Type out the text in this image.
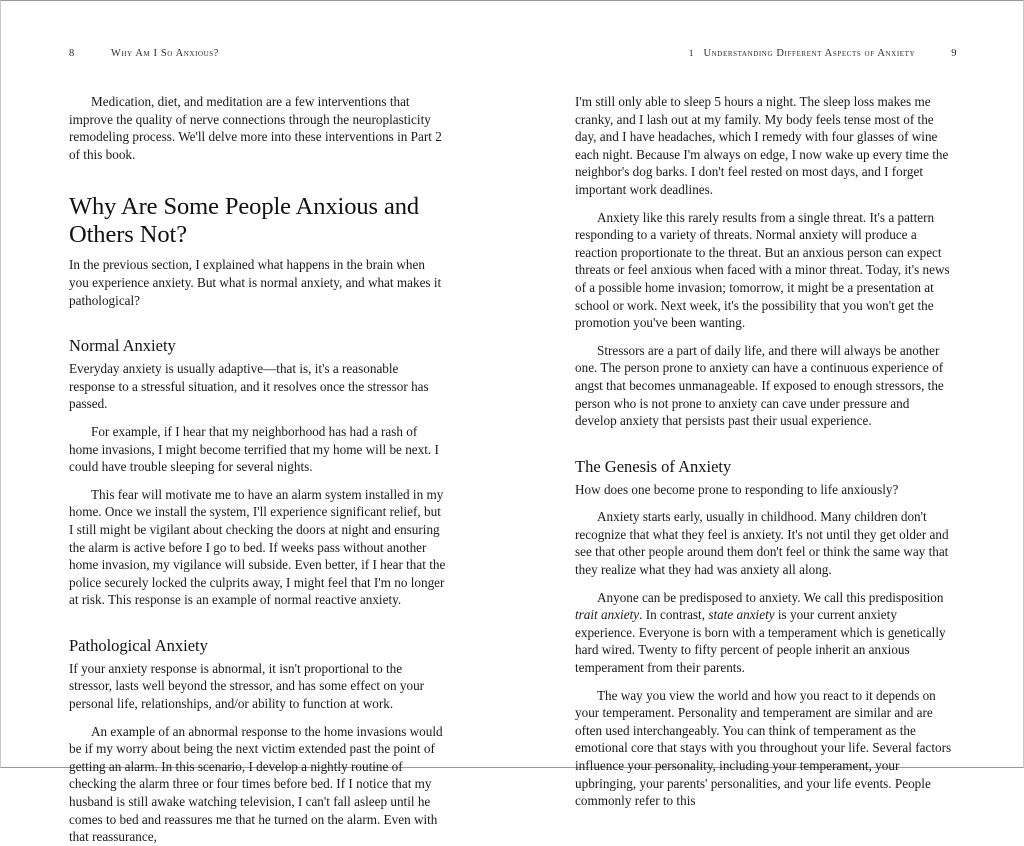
8	Why Am I So Anxious?

Medication, diet, and meditation are a few interventions that improve the quality of nerve connections through the neuroplasticity remodeling process. We'll delve more into these interventions in Part 2 of this book.

Why Are Some People Anxious and Others Not?

In the previous section, I explained what happens in the brain when you experience anxiety. But what is normal anxiety, and what makes it pathological?

Normal Anxiety

Everyday anxiety is usually adaptive—that is, it's a reasonable response to a stressful situation, and it resolves once the stressor has passed.

For example, if I hear that my neighborhood has had a rash of home invasions, I might become terrified that my home will be next. I could have trouble sleeping for several nights.

This fear will motivate me to have an alarm system installed in my home. Once we install the system, I'll experience significant relief, but I still might be vigilant about checking the doors at night and ensuring the alarm is active before I go to bed. If weeks pass without another home invasion, my vigilance will subside. Even better, if I hear that the police securely locked the culprits away, I might feel that I'm no longer at risk. This response is an example of normal reactive anxiety.

Pathological Anxiety

If your anxiety response is abnormal, it isn't proportional to the stressor, lasts well beyond the stressor, and has some effect on your personal life, relationships, and/or ability to function at work.

An example of an abnormal response to the home invasions would be if my worry about being the next victim extended past the point of getting an alarm. In this scenario, I develop a nightly routine of checking the alarm three or four times before bed. If I notice that my husband is still awake watching television, I can't fall asleep until he comes to bed and reassures me that he turned on the alarm. Even with that reassurance,

1 Understanding Different Aspects of Anxiety	9

I'm still only able to sleep 5 hours a night. The sleep loss makes me cranky, and I lash out at my family. My body feels tense most of the day, and I have headaches, which I remedy with four glasses of wine each night. Because I'm always on edge, I now wake up every time the neighbor's dog barks. I don't feel rested on most days, and I forget important work deadlines.

Anxiety like this rarely results from a single threat. It's a pattern responding to a variety of threats. Normal anxiety will produce a reaction proportionate to the threat. But an anxious person can expect threats or feel anxious when faced with a minor threat. Today, it's news of a possible home invasion; tomorrow, it might be a presentation at school or work. Next week, it's the possibility that you won't get the promotion you've been wanting.

Stressors are a part of daily life, and there will always be another one. The person prone to anxiety can have a continuous experience of angst that becomes unmanageable. If exposed to enough stressors, the person who is not prone to anxiety can cave under pressure and develop anxiety that persists past their usual experience.

The Genesis of Anxiety

How does one become prone to responding to life anxiously?

Anxiety starts early, usually in childhood. Many children don't recognize that what they feel is anxiety. It's not until they get older and see that other people around them don't feel or think the same way that they realize what they had was anxiety all along.

Anyone can be predisposed to anxiety. We call this predisposition trait anxiety. In contrast, state anxiety is your current anxiety experience. Everyone is born with a temperament which is genetically hard wired. Twenty to fifty percent of people inherit an anxious temperament from their parents.

The way you view the world and how you react to it depends on your temperament. Personality and temperament are similar and are often used interchangeably. You can think of temperament as the emotional core that stays with you throughout your life. Several factors influence your personality, including your temperament, your upbringing, your parents' personalities, and your life events. People commonly refer to this
